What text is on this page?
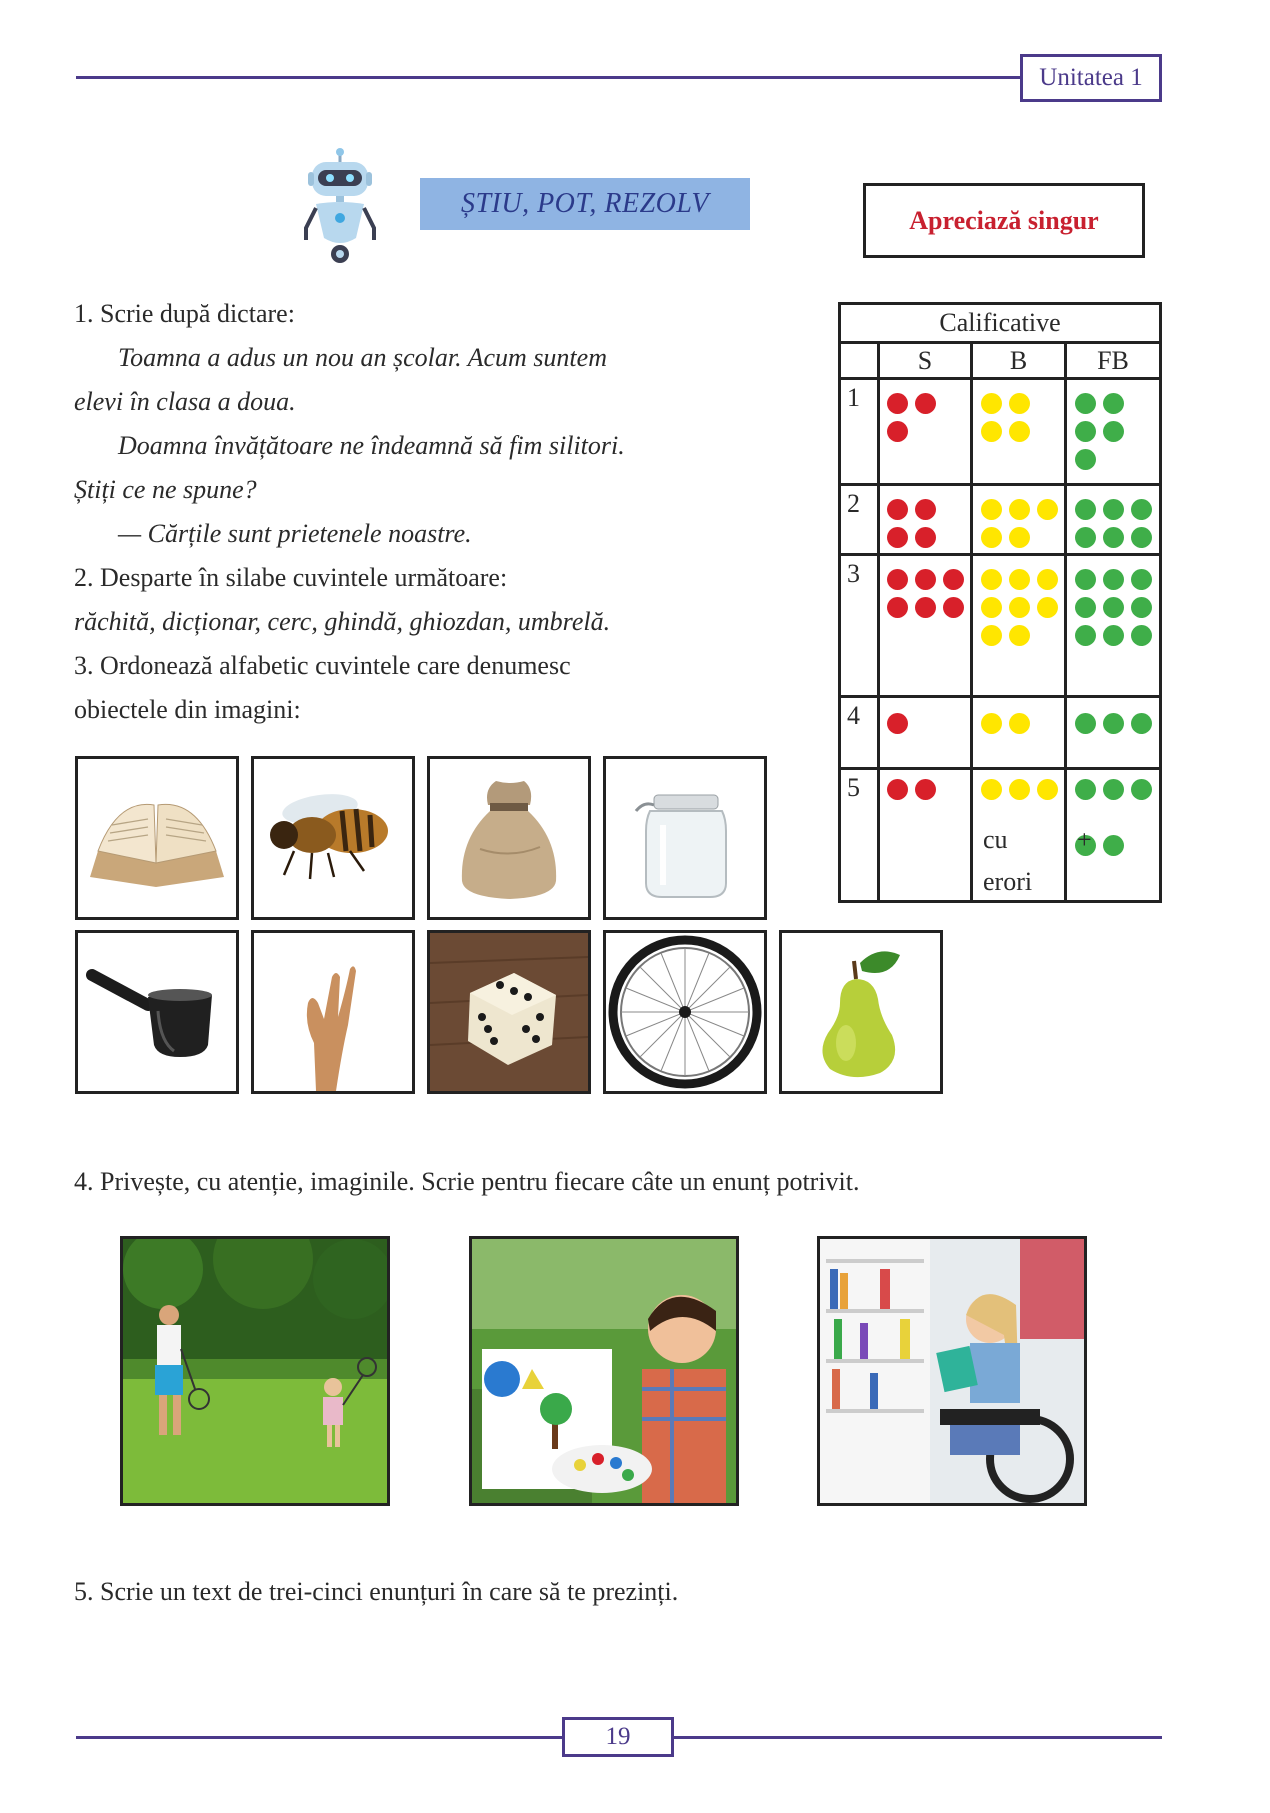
Unitatea 1
ȘTIU, POT, REZOLV
Apreciază singur
1. Scrie după dictare:
Toamna a adus un nou an școlar. Acum suntem
elevi în clasa a doua.
Doamna învățătoare ne îndeamnă să fim silitori.
Știți ce ne spune?
— Cărțile sunt prietenele noastre.
2. Desparte în silabe cuvintele următoare:
răchită, dicționar, cerc, ghindă, ghiozdan, umbrelă.
3. Ordonează alfabetic cuvintele care denumesc
obiectele din imagini:
Calificative
S	B	FB
1
2
3
4
5
cu
erori
+
4. Privește, cu atenție, imaginile. Scrie pentru fiecare câte un enunț potrivit.
5. Scrie un text de trei-cinci enunțuri în care să te prezinți.
19
